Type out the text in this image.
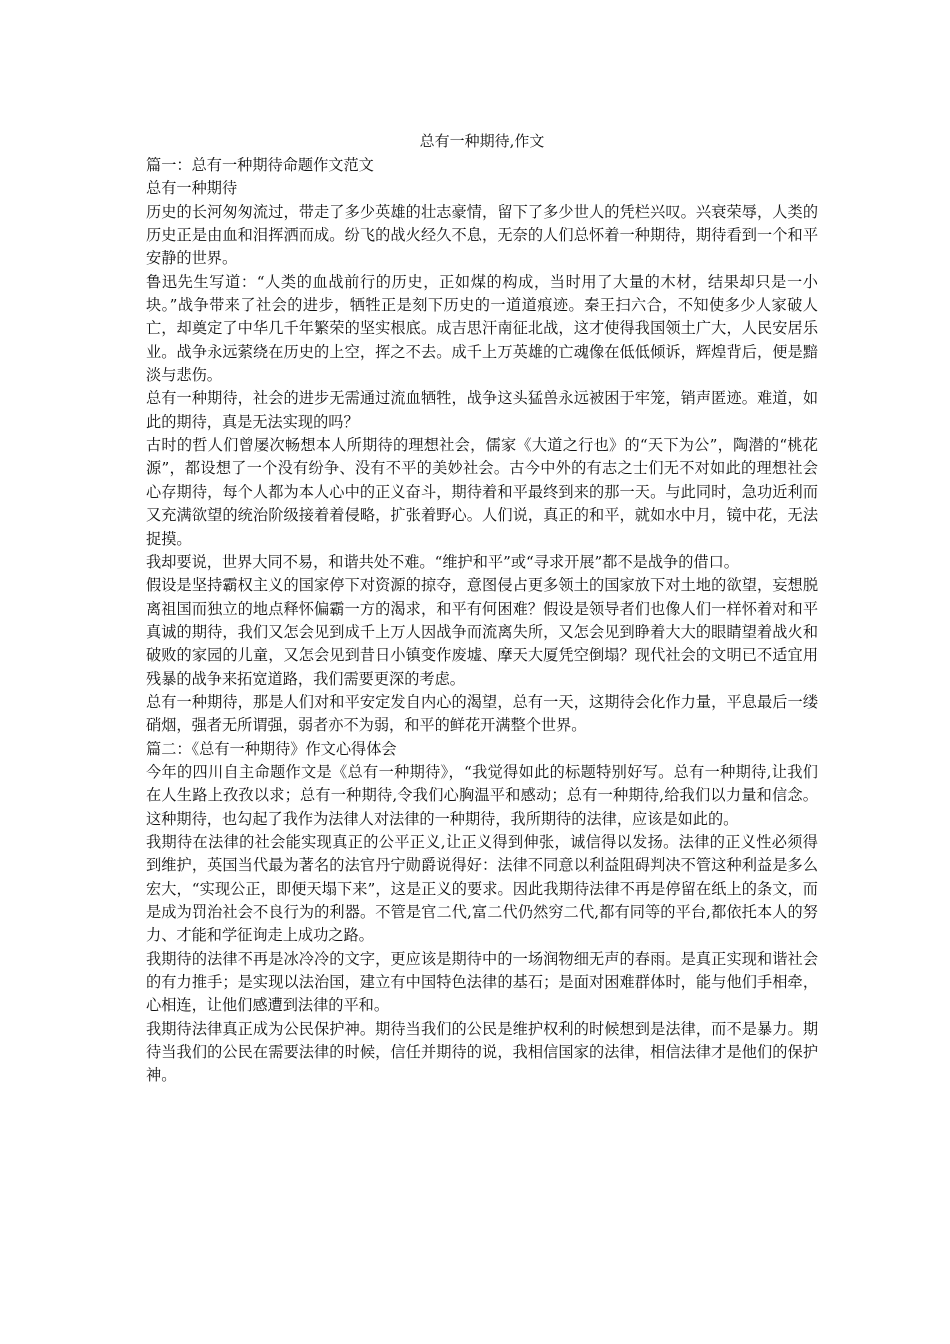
总有一种期待,作文

篇一：总有一种期待命题作文范文

总有一种期待

历史的长河匆匆流过，带走了多少英雄的壮志豪情，留下了多少世人的凭栏兴叹。兴衰荣辱，人类的历史正是由血和泪挥洒而成。纷飞的战火经久不息，无奈的人们总怀着一种期待，期待看到一个和平安静的世界。

鲁迅先生写道：“人类的血战前行的历史，正如煤的构成，当时用了大量的木材，结果却只是一小块。”战争带来了社会的进步，牺牲正是刻下历史的一道道痕迹。秦王扫六合，不知使多少人家破人亡，却奠定了中华几千年繁荣的坚实根底。成吉思汗南征北战，这才使得我国领土广大，人民安居乐业。战争永远萦绕在历史的上空，挥之不去。成千上万英雄的亡魂像在低低倾诉，辉煌背后，便是黯淡与悲伤。

总有一种期待，社会的进步无需通过流血牺牲，战争这头猛兽永远被困于牢笼，销声匿迹。难道，如此的期待，真是无法实现的吗？

古时的哲人们曾屡次畅想本人所期待的理想社会，儒家《大道之行也》的“天下为公”，陶潜的“桃花源”，都设想了一个没有纷争、没有不平的美妙社会。古今中外的有志之士们无不对如此的理想社会心存期待，每个人都为本人心中的正义奋斗，期待着和平最终到来的那一天。与此同时，急功近利而又充满欲望的统治阶级接着着侵略，扩张着野心。人们说，真正的和平，就如水中月，镜中花，无法捉摸。

我却要说，世界大同不易，和谐共处不难。“维护和平”或“寻求开展”都不是战争的借口。

假设是坚持霸权主义的国家停下对资源的掠夺，意图侵占更多领土的国家放下对土地的欲望，妄想脱离祖国而独立的地点释怀偏霸一方的渴求，和平有何困难？假设是领导者们也像人们一样怀着对和平真诚的期待，我们又怎会见到成千上万人因战争而流离失所，又怎会见到睁着大大的眼睛望着战火和破败的家园的儿童，又怎会见到昔日小镇变作废墟、摩天大厦凭空倒塌？现代社会的文明已不适宜用残暴的战争来拓宽道路，我们需要更深的考虑。

总有一种期待，那是人们对和平安定发自内心的渴望，总有一天，这期待会化作力量，平息最后一缕硝烟，强者无所谓强，弱者亦不为弱，和平的鲜花开满整个世界。

篇二：《总有一种期待》作文心得体会

今年的四川自主命题作文是《总有一种期待》，“我觉得如此的标题特别好写。总有一种期待,让我们在人生路上孜孜以求；总有一种期待,令我们心胸温平和感动；总有一种期待,给我们以力量和信念。这种期待，也勾起了我作为法律人对法律的一种期待，我所期待的法律，应该是如此的。

我期待在法律的社会能实现真正的公平正义,让正义得到伸张，诚信得以发扬。法律的正义性必须得到维护，英国当代最为著名的法官丹宁勋爵说得好：法律不同意以利益阻碍判决不管这种利益是多么宏大，“实现公正，即便天塌下来”，这是正义的要求。因此我期待法律不再是停留在纸上的条文，而是成为罚治社会不良行为的利器。不管是官二代,富二代仍然穷二代,都有同等的平台,都依托本人的努力、才能和学征询走上成功之路。

我期待的法律不再是冰冷冷的文字，更应该是期待中的一场润物细无声的春雨。是真正实现和谐社会的有力推手；是实现以法治国，建立有中国特色法律的基石；是面对困难群体时，能与他们手相牵，心相连，让他们感遭到法律的平和。

我期待法律真正成为公民保护神。期待当我们的公民是维护权利的时候想到是法律，而不是暴力。期待当我们的公民在需要法律的时候，信任并期待的说，我相信国家的法律，相信法律才是他们的保护神。
